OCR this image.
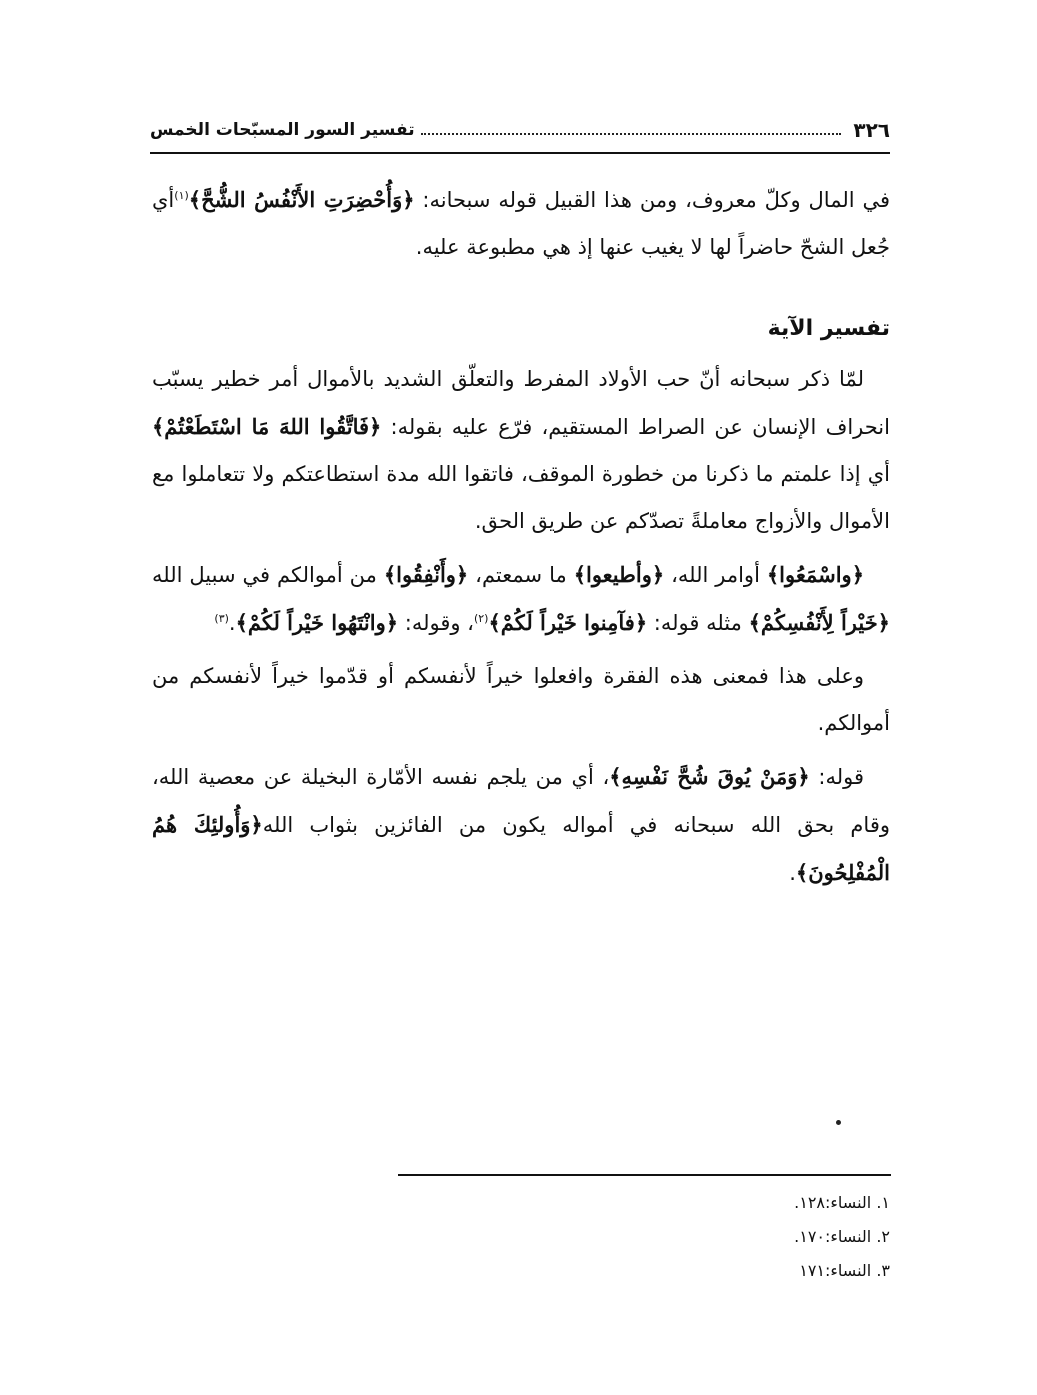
٣٢٦
تفسير السور المسبّحات الخمس

في المال وكلّ معروف، ومن هذا القبيل قوله سبحانه: ﴿وَأُحْضِرَتِ الأَنْفُسُ الشُّحَّ﴾$^{(١)}$أي جُعل الشحّ حاضراً لها لا يغيب عنها إذ هي مطبوعة عليه.

تفسير الآية

لمّا ذكر سبحانه أنّ حب الأولاد المفرط والتعلّق الشديد بالأموال أمر خطير يسبّب انحراف الإنسان عن الصراط المستقيم، فرّع عليه بقوله: ﴿فَاتَّقُوا اللهَ مَا اسْتَطَعْتُمْ﴾ أي إذا علمتم ما ذكرنا من خطورة الموقف، فاتقوا الله مدة استطاعتكم ولا تتعاملوا مع الأموال والأزواج معاملةً تصدّكم عن طريق الحق.

﴿واسْمَعُوا﴾ أوامر الله، ﴿وأطيعوا﴾ ما سمعتم، ﴿وأَنْفِقُوا﴾ من أموالكم في سبيل الله ﴿خَيْراً لِأَنْفُسِكُمْ﴾ مثله قوله: ﴿فآمِنوا خَيْراً لَكُمْ﴾$^{(٢)}$، وقوله: ﴿وانْتَهُوا خَيْراً لَكُمْ﴾.$^{(٣)}$

وعلى هذا فمعنى هذه الفقرة وافعلوا خيراً لأنفسكم أو قدّموا خيراً لأنفسكم من أموالكم.

قوله: ﴿وَمَنْ يُوقَ شُحَّ نَفْسِهِ﴾، أي من يلجم نفسه الأمّارة البخيلة عن معصية الله، وقام بحق الله سبحانه في أمواله يكون من الفائزين بثواب الله﴿وَأُولئِكَ هُمُ الْمُفْلِحُونَ﴾.

١. النساء:١٢٨.
٢. النساء:١٧٠.
٣. النساء:١٧١
